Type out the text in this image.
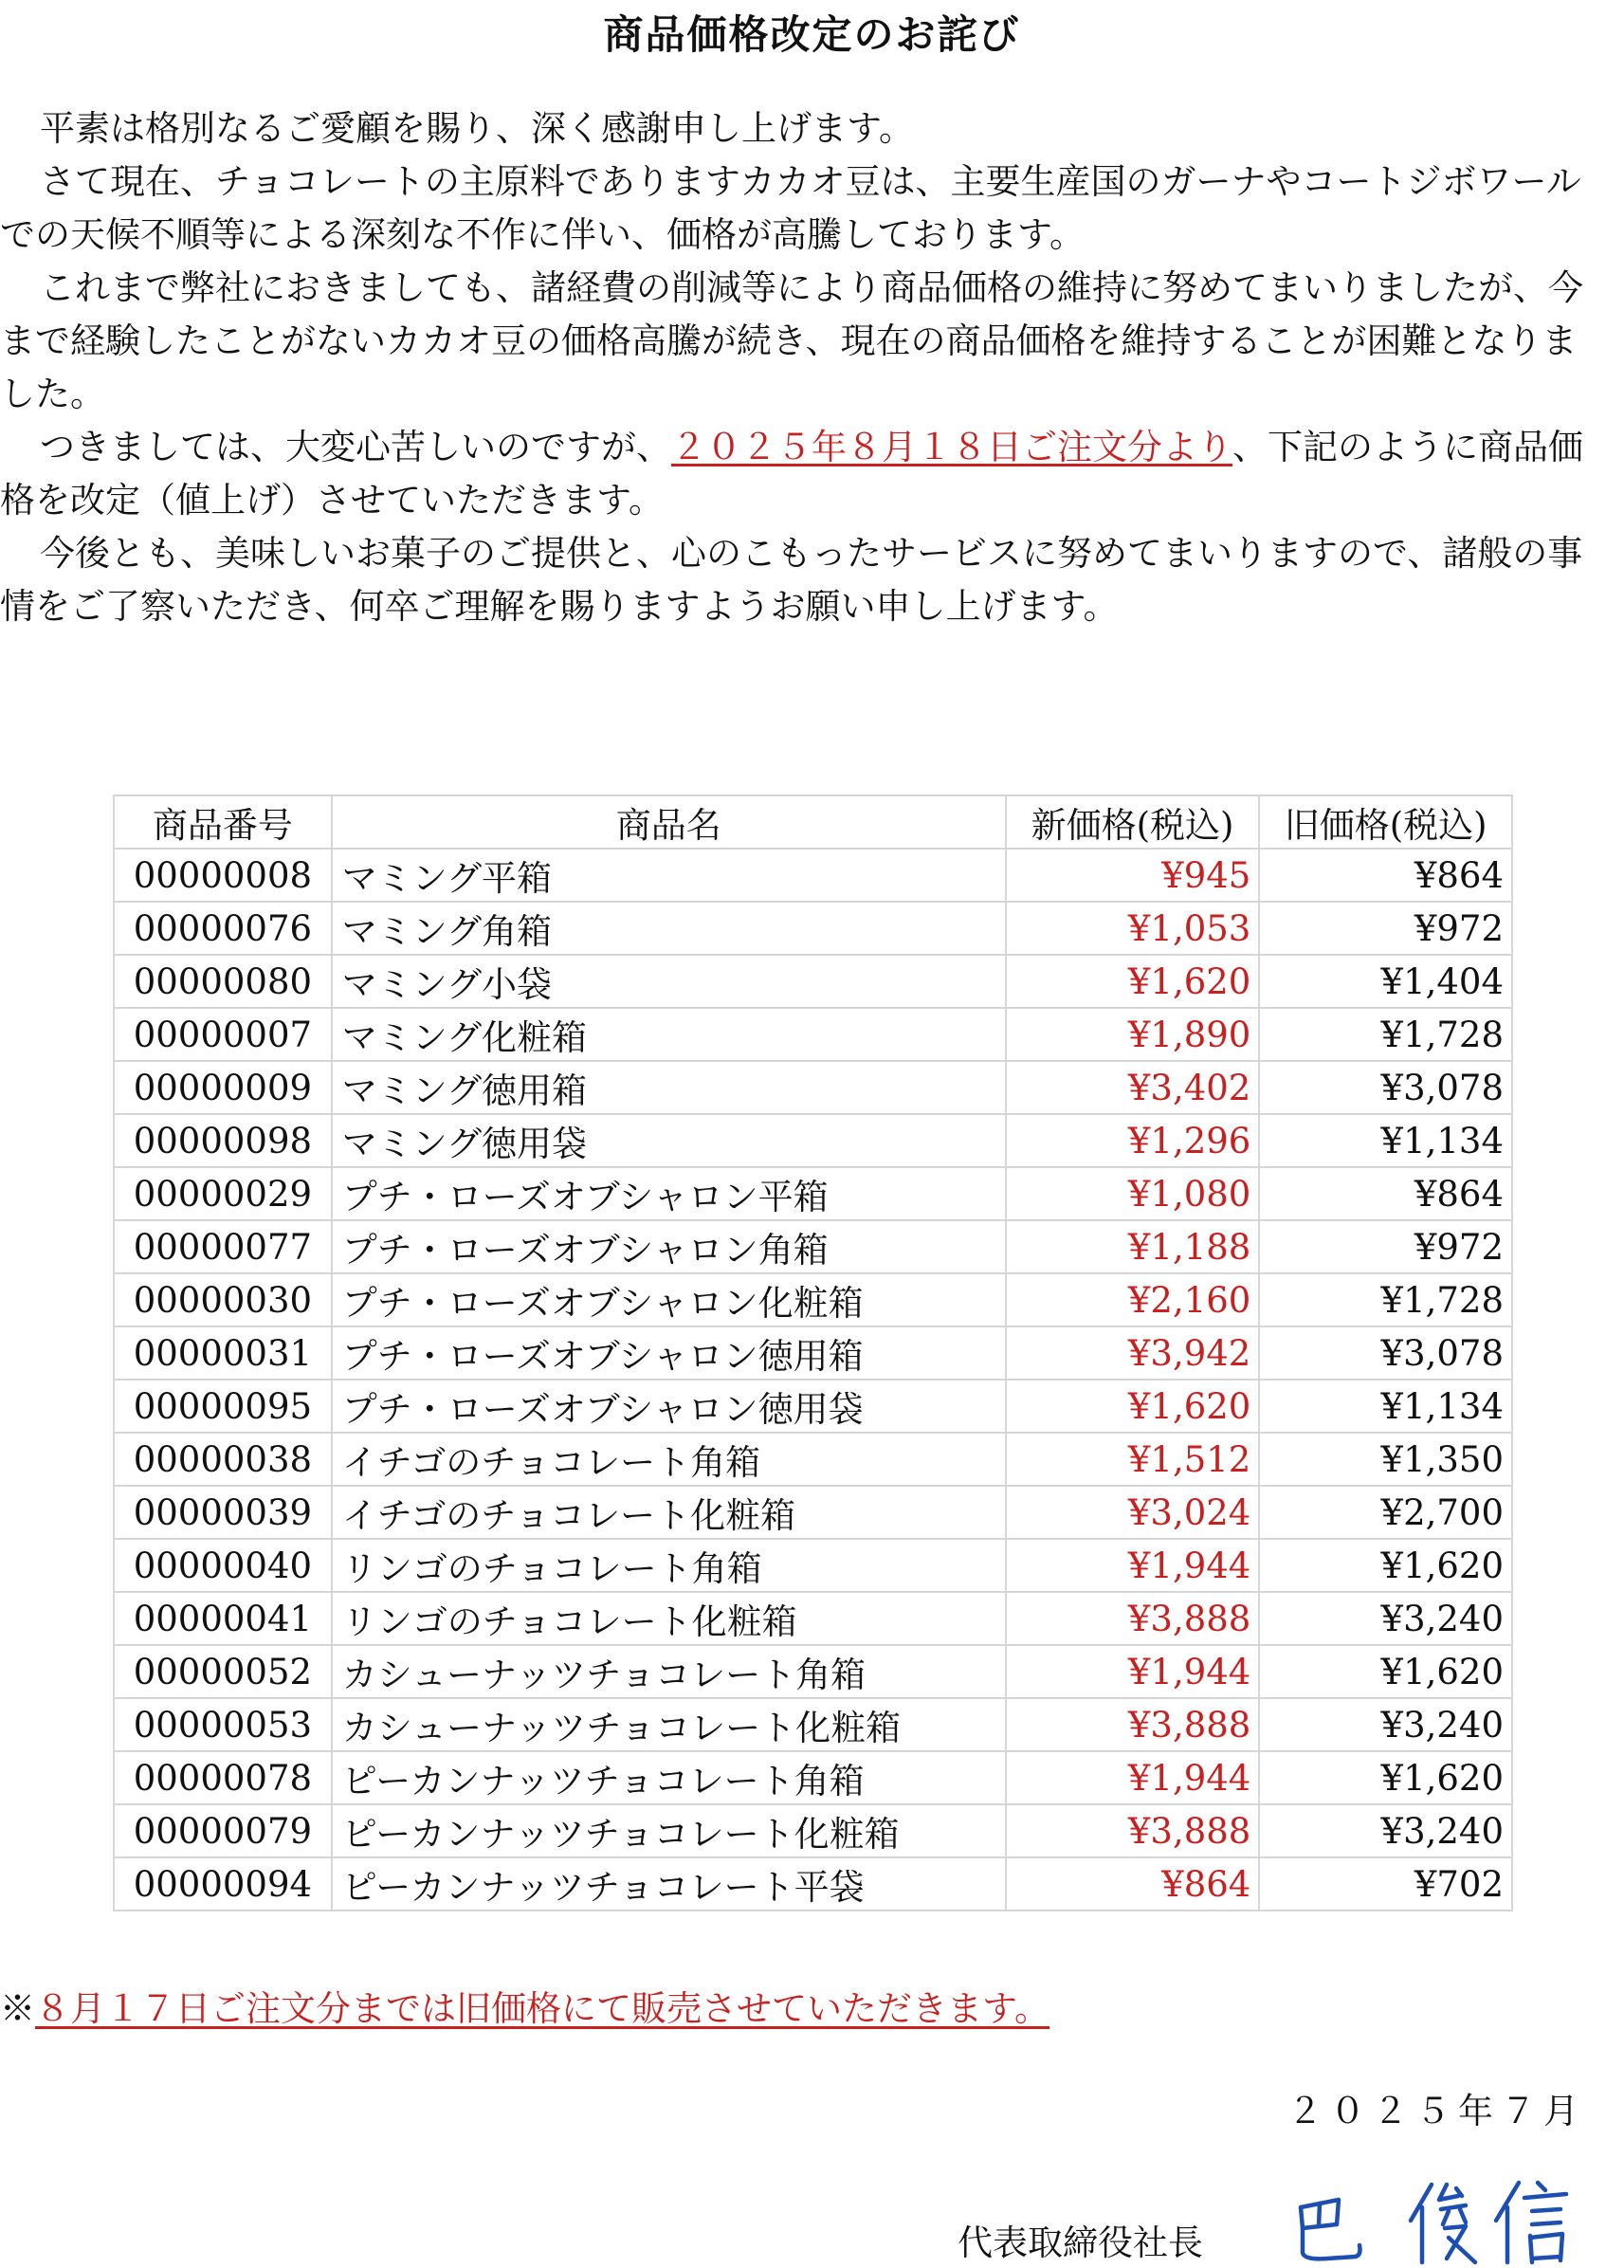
商品価格改定のお詫び

平素は格別なるご愛顧を賜り、深く感謝申し上げます。

さて現在、チョコレートの主原料でありますカカオ豆は、主要生産国のガーナやコートジボワールでの天候不順等による深刻な不作に伴い、価格が高騰しております。

これまで弊社におきましても、諸経費の削減等により商品価格の維持に努めてまいりましたが、今まで経験したことがないカカオ豆の価格高騰が続き、現在の商品価格を維持することが困難となりました。

つきましては、大変心苦しいのですが、２０２５年８月１８日ご注文分より、下記のように商品価格を改定（値上げ）させていただきます。

今後とも、美味しいお菓子のご提供と、心のこもったサービスに努めてまいりますので、諸般の事情をご了察いただき、何卒ご理解を賜りますようお願い申し上げます。

商品番号	商品名	新価格(税込)	旧価格(税込)
00000008	マミング平箱	¥945	¥864
00000076	マミング角箱	¥1,053	¥972
00000080	マミング小袋	¥1,620	¥1,404
00000007	マミング化粧箱	¥1,890	¥1,728
00000009	マミング徳用箱	¥3,402	¥3,078
00000098	マミング徳用袋	¥1,296	¥1,134
00000029	プチ・ローズオブシャロン平箱	¥1,080	¥864
00000077	プチ・ローズオブシャロン角箱	¥1,188	¥972
00000030	プチ・ローズオブシャロン化粧箱	¥2,160	¥1,728
00000031	プチ・ローズオブシャロン徳用箱	¥3,942	¥3,078
00000095	プチ・ローズオブシャロン徳用袋	¥1,620	¥1,134
00000038	イチゴのチョコレート角箱	¥1,512	¥1,350
00000039	イチゴのチョコレート化粧箱	¥3,024	¥2,700
00000040	リンゴのチョコレート角箱	¥1,944	¥1,620
00000041	リンゴのチョコレート化粧箱	¥3,888	¥3,240
00000052	カシューナッツチョコレート角箱	¥1,944	¥1,620
00000053	カシューナッツチョコレート化粧箱	¥3,888	¥3,240
00000078	ピーカンナッツチョコレート角箱	¥1,944	¥1,620
00000079	ピーカンナッツチョコレート化粧箱	¥3,888	¥3,240
00000094	ピーカンナッツチョコレート平袋	¥864	¥702
※８月１７日ご注文分までは旧価格にて販売させていただきます。
２０２５年７月
代表取締役社長
